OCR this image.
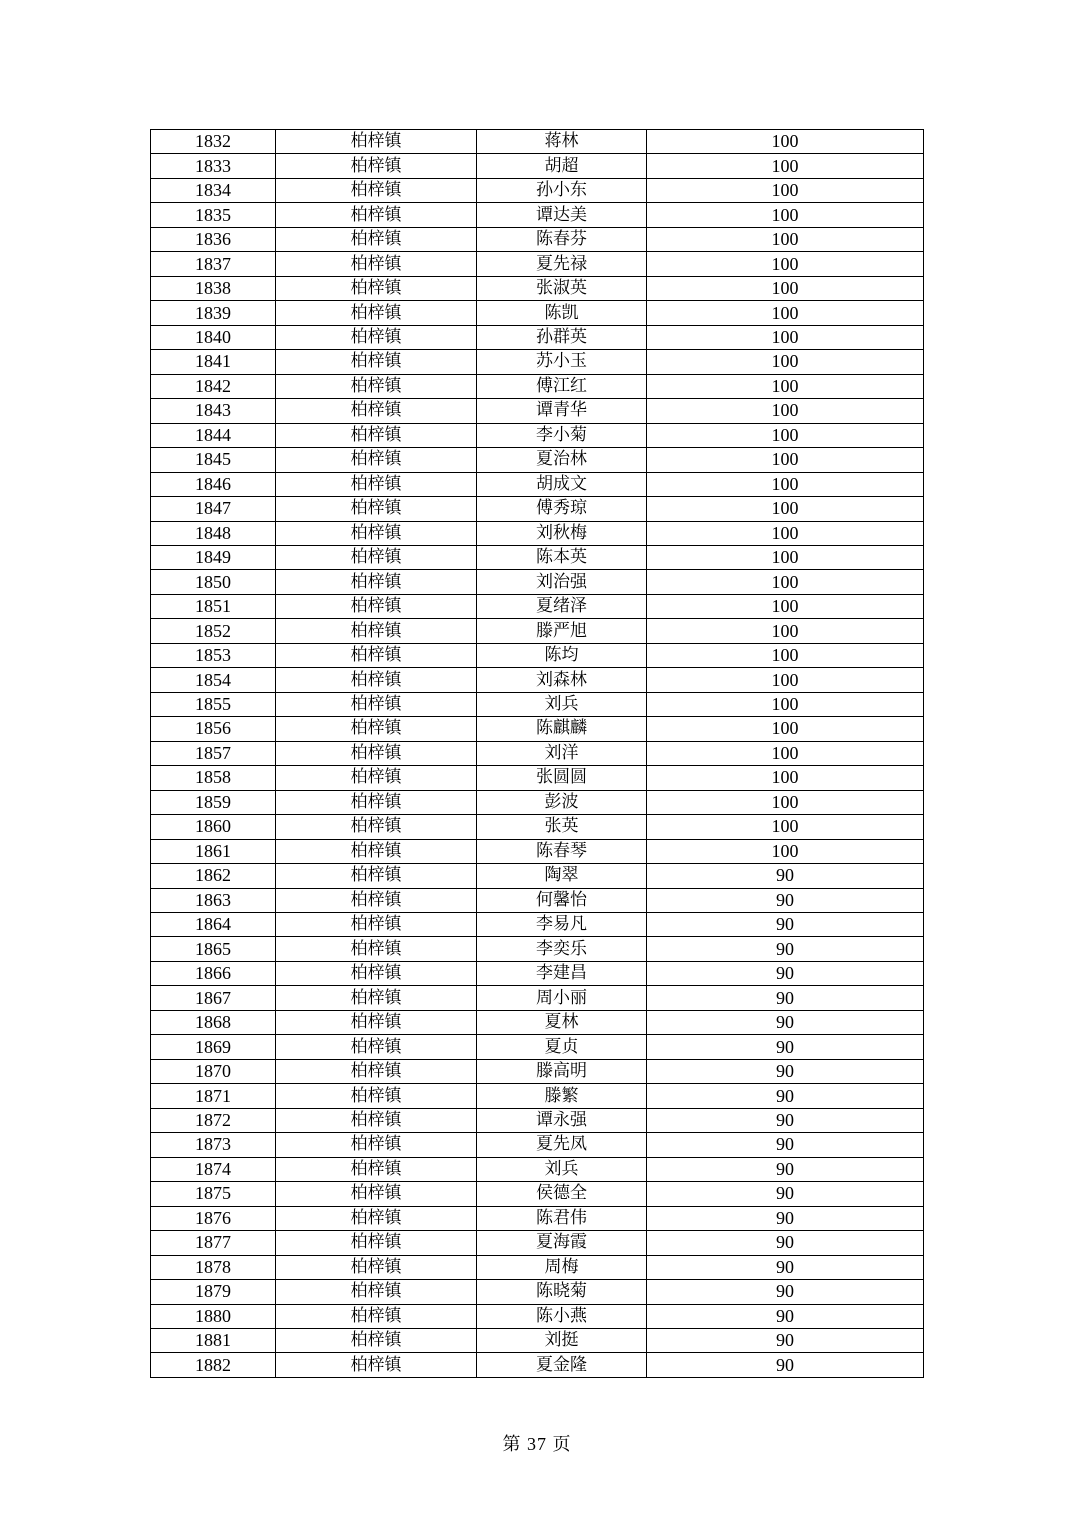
1832	柏梓镇	蒋林	100
1833	柏梓镇	胡超	100
1834	柏梓镇	孙小东	100
1835	柏梓镇	谭达美	100
1836	柏梓镇	陈春芬	100
1837	柏梓镇	夏先禄	100
1838	柏梓镇	张淑英	100
1839	柏梓镇	陈凯	100
1840	柏梓镇	孙群英	100
1841	柏梓镇	苏小玉	100
1842	柏梓镇	傅江红	100
1843	柏梓镇	谭青华	100
1844	柏梓镇	李小菊	100
1845	柏梓镇	夏治林	100
1846	柏梓镇	胡成文	100
1847	柏梓镇	傅秀琼	100
1848	柏梓镇	刘秋梅	100
1849	柏梓镇	陈本英	100
1850	柏梓镇	刘治强	100
1851	柏梓镇	夏绪泽	100
1852	柏梓镇	滕严旭	100
1853	柏梓镇	陈均	100
1854	柏梓镇	刘森林	100
1855	柏梓镇	刘兵	100
1856	柏梓镇	陈麒麟	100
1857	柏梓镇	刘洋	100
1858	柏梓镇	张圆圆	100
1859	柏梓镇	彭波	100
1860	柏梓镇	张英	100
1861	柏梓镇	陈春琴	100
1862	柏梓镇	陶翠	90
1863	柏梓镇	何馨怡	90
1864	柏梓镇	李易凡	90
1865	柏梓镇	李奕乐	90
1866	柏梓镇	李建昌	90
1867	柏梓镇	周小丽	90
1868	柏梓镇	夏林	90
1869	柏梓镇	夏贞	90
1870	柏梓镇	滕高明	90
1871	柏梓镇	滕繁	90
1872	柏梓镇	谭永强	90
1873	柏梓镇	夏先凤	90
1874	柏梓镇	刘兵	90
1875	柏梓镇	侯德全	90
1876	柏梓镇	陈君伟	90
1877	柏梓镇	夏海霞	90
1878	柏梓镇	周梅	90
1879	柏梓镇	陈晓菊	90
1880	柏梓镇	陈小燕	90
1881	柏梓镇	刘挺	90
1882	柏梓镇	夏金隆	90
第 37 页
